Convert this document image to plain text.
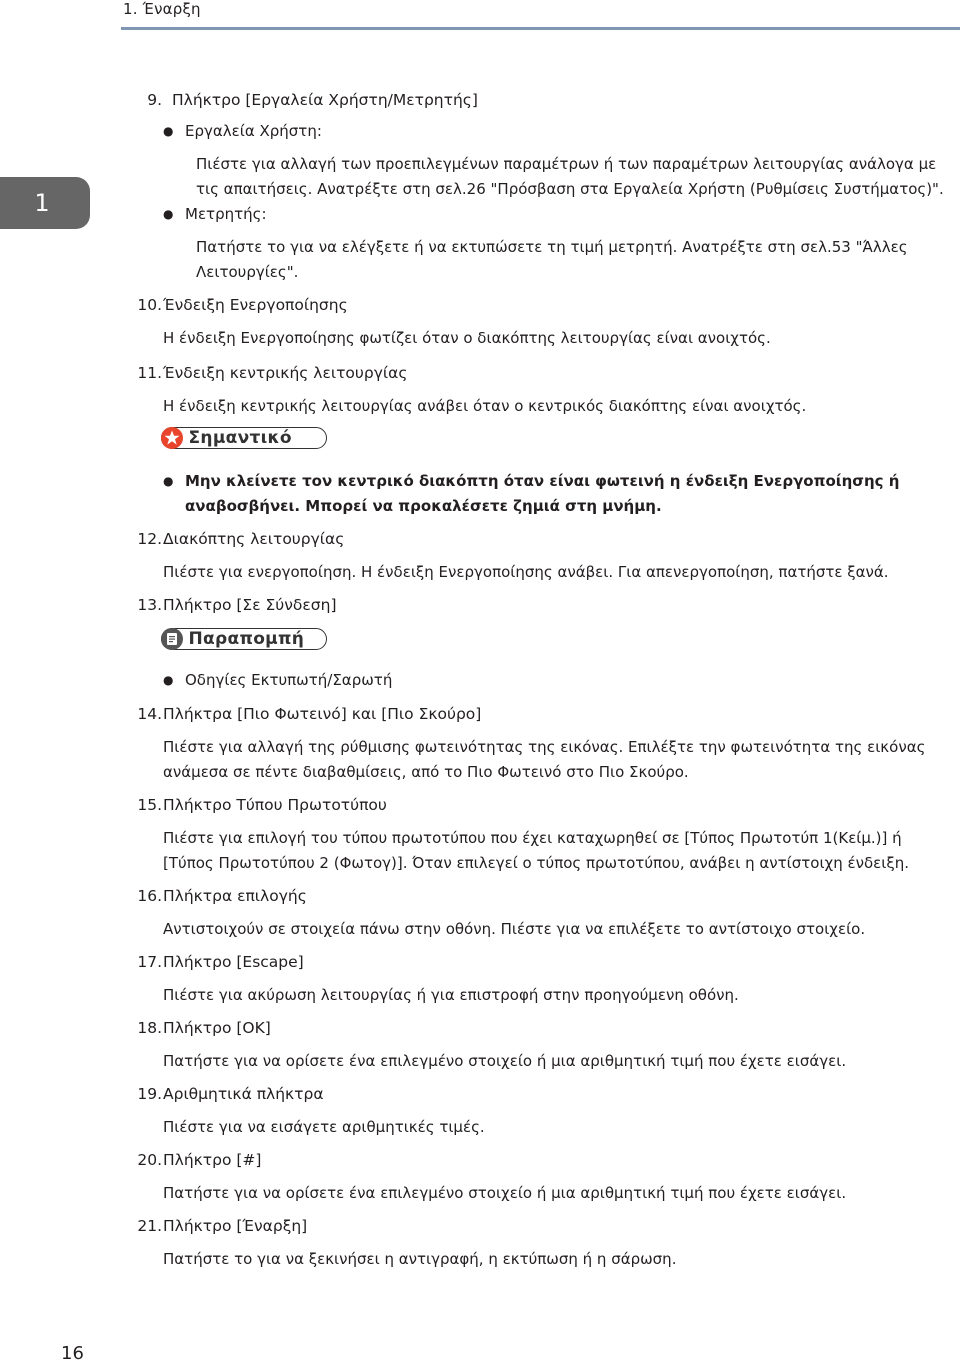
1. Έναρξη
1
9. Πλήκτρο [Εργαλεία Χρήστη/Μετρητής]
● Εργαλεία Χρήστη:
Πιέστε για αλλαγή των προεπιλεγμένων παραμέτρων ή των παραμέτρων λειτουργίας ανάλογα με τις απαιτήσεις. Ανατρέξτε στη σελ.26 "Πρόσβαση στα Εργαλεία Χρήστη (Ρυθμίσεις Συστήματος)".
● Μετρητής:
Πατήστε το για να ελέγξετε ή να εκτυπώσετε τη τιμή μετρητή. Ανατρέξτε στη σελ.53 "Άλλες Λειτουργίες".
10. Ένδειξη Ενεργοποίησης
Η ένδειξη Ενεργοποίησης φωτίζει όταν ο διακόπτης λειτουργίας είναι ανοιχτός.
11. Ένδειξη κεντρικής λειτουργίας
Η ένδειξη κεντρικής λειτουργίας ανάβει όταν ο κεντρικός διακόπτης είναι ανοιχτός.
Σημαντικό
● Μην κλείνετε τον κεντρικό διακόπτη όταν είναι φωτεινή η ένδειξη Ενεργοποίησης ή αναβοσβήνει. Μπορεί να προκαλέσετε ζημιά στη μνήμη.
12. Διακόπτης λειτουργίας
Πιέστε για ενεργοποίηση. Η ένδειξη Ενεργοποίησης ανάβει. Για απενεργοποίηση, πατήστε ξανά.
13. Πλήκτρο [Σε Σύνδεση]
Παραπομπή
● Οδηγίες Εκτυπωτή/Σαρωτή
14. Πλήκτρα [Πιο Φωτεινό] και [Πιο Σκούρο]
Πιέστε για αλλαγή της ρύθμισης φωτεινότητας της εικόνας. Επιλέξτε την φωτεινότητα της εικόνας ανάμεσα σε πέντε διαβαθμίσεις, από το Πιο Φωτεινό στο Πιο Σκούρο.
15. Πλήκτρο Τύπου Πρωτοτύπου
Πιέστε για επιλογή του τύπου πρωτοτύπου που έχει καταχωρηθεί σε [Τύπος Πρωτοτύπ 1(Κείμ.)] ή [Τύπος Πρωτοτύπου 2 (Φωτογ)]. Όταν επιλεγεί ο τύπος πρωτοτύπου, ανάβει η αντίστοιχη ένδειξη.
16. Πλήκτρα επιλογής
Αντιστοιχούν σε στοιχεία πάνω στην οθόνη. Πιέστε για να επιλέξετε το αντίστοιχο στοιχείο.
17. Πλήκτρο [Escape]
Πιέστε για ακύρωση λειτουργίας ή για επιστροφή στην προηγούμενη οθόνη.
18. Πλήκτρο [OK]
Πατήστε για να ορίσετε ένα επιλεγμένο στοιχείο ή μια αριθμητική τιμή που έχετε εισάγει.
19. Αριθμητικά πλήκτρα
Πιέστε για να εισάγετε αριθμητικές τιμές.
20. Πλήκτρο [#]
Πατήστε για να ορίσετε ένα επιλεγμένο στοιχείο ή μια αριθμητική τιμή που έχετε εισάγει.
21. Πλήκτρο [Έναρξη]
Πατήστε το για να ξεκινήσει η αντιγραφή, η εκτύπωση ή η σάρωση.
16
